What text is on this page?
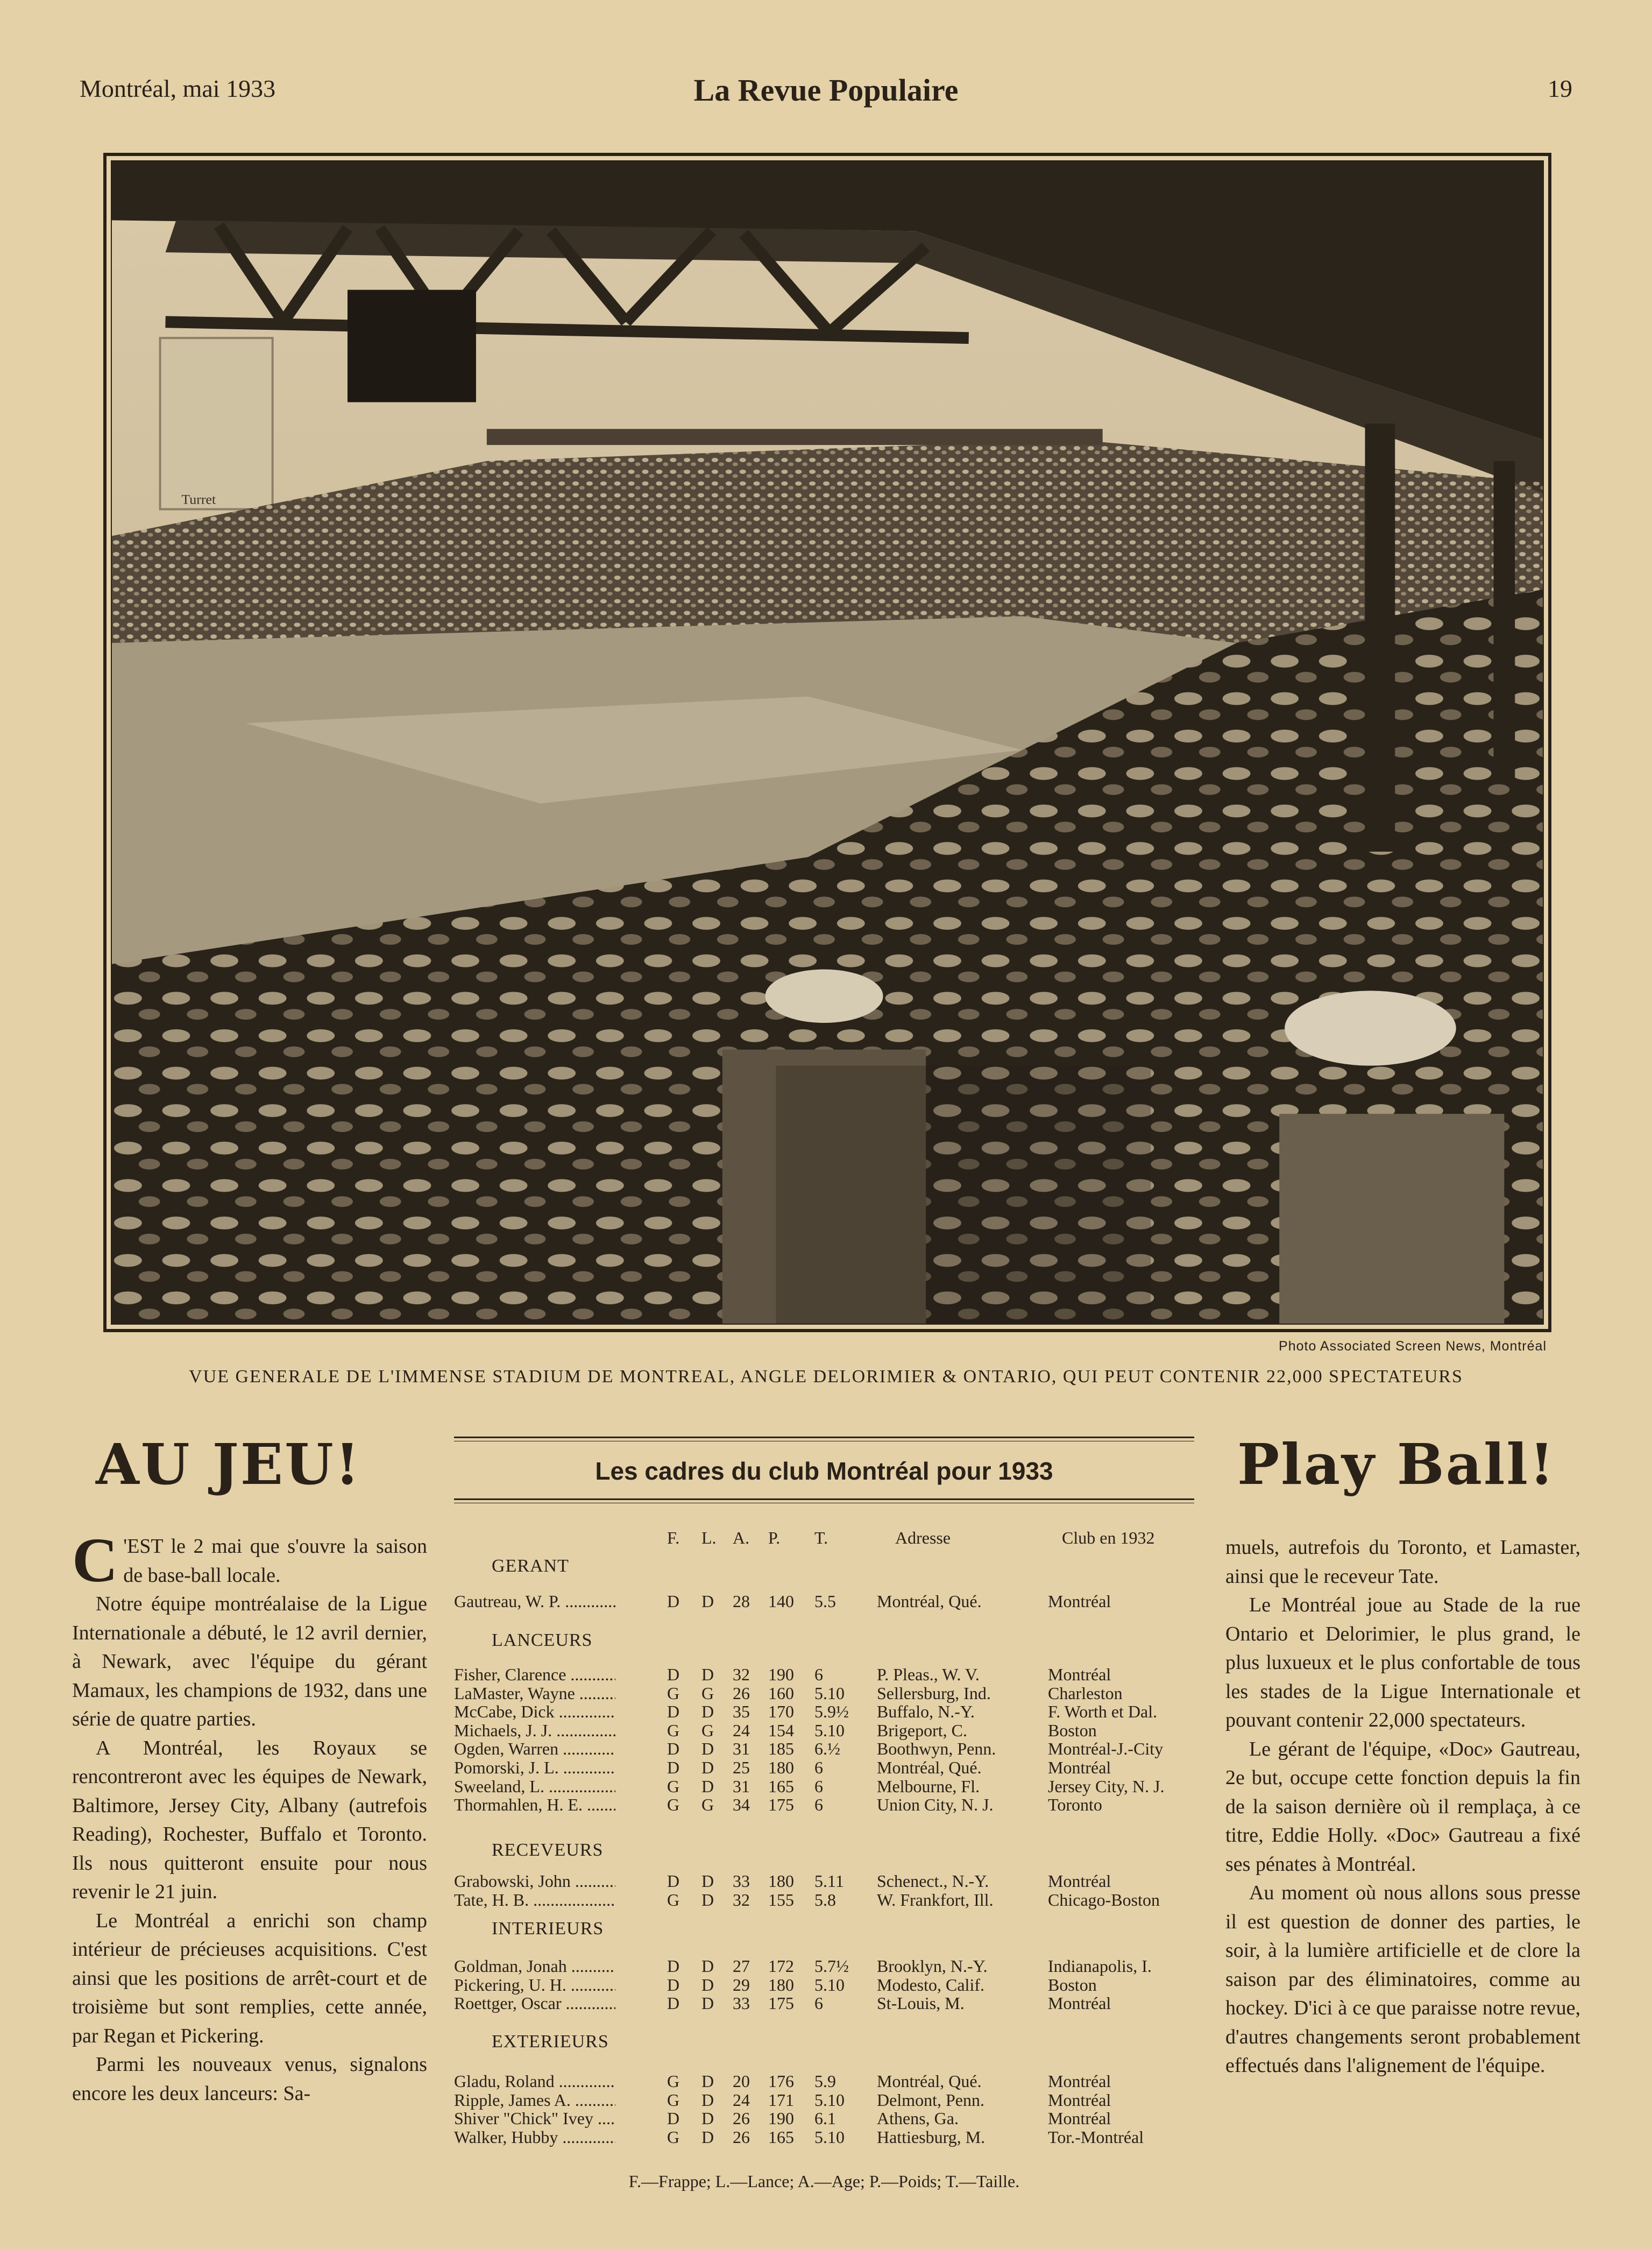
Montréal, mai 1933	La Revue Populaire	19
Turret
Photo Associated Screen News, Montréal
VUE GENERALE DE L'IMMENSE STADIUM DE MONTREAL, ANGLE DELORIMIER & ONTARIO, QUI PEUT CONTENIR 22,000 SPECTATEURS
AU JEU!	Play Ball!

C 'EST le 2 mai que s'ouvre la saison de base-ball locale.

Notre équipe montréalaise de la Ligue Internationale a débuté, le 12 avril dernier, à Newark, avec l'équipe du gérant Mamaux, les champions de 1932, dans une série de quatre parties.

A Montréal, les Royaux se rencontreront avec les équipes de Newark, Baltimore, Jersey City, Albany (autrefois Reading), Rochester, Buffalo et Toronto. Ils nous quitteront ensuite pour nous revenir le 21 juin.

Le Montréal a enrichi son champ intérieur de précieuses acquisitions. C'est ainsi que les positions de arrêt-court et de troisième but sont remplies, cette année, par Regan et Pickering.

Parmi les nouveaux venus, signalons encore les deux lanceurs: Sa-

muels, autrefois du Toronto, et Lamaster, ainsi que le receveur Tate.

Le Montréal joue au Stade de la rue Ontario et Delorimier, le plus grand, le plus luxueux et le plus confortable de tous les stades de la Ligue Internationale et pouvant contenir 22,000 spectateurs.

Le gérant de l'équipe, «Doc» Gautreau, 2e but, occupe cette fonction depuis la fin de la saison dernière où il remplaça, à ce titre, Eddie Holly. «Doc» Gautreau a fixé ses pénates à Montréal.

Au moment où nous allons sous presse il est question de donner des parties, le soir, à la lumière artificielle et de clore la saison par des éliminatoires, comme au hockey. D'ici à ce que paraisse notre revue, d'autres changements seront probablement effectués dans l'alignement de l'équipe.

Les cadres du club Montréal pour 1933
F. L. A. P. T.	Adresse	Club en 1932
GERANT
Gautreau, W. P. .....	D D 28 140 5.5 Montréal, Qué.	Montréal
LANCEURS
Fisher, Clarence .....	D D 32 190 6	P. Pleas., W. V.	Montréal
LaMaster, Wayne .....	G G 26 160 5.10 Sellersburg, Ind.	Charleston
McCabe, Dick .....	D D 35 170 5.9½ Buffalo, N.-Y.	F. Worth et Dal.
Michaels, J. J. .....	G G 24 154 5.10 Brigeport, C.	Boston
Ogden, Warren .....	D D 31 185 6.½ Boothwyn, Penn.	Montréal-J.-City
Pomorski, J. L. .....	D D 25 180 6	Montréal, Qué.	Montréal
Sweeland, L. .....	G D 31 165 6	Melbourne, Fl.	Jersey City, N. J.
Thormahlen, H. E. .....	G G 34 175 6	Union City, N. J.	Toronto
RECEVEURS
Grabowski, John .....	D D 33 180 5.11 Schenect., N.-Y.	Montréal
Tate, H. B. .....	G D 32 155 5.8 W. Frankfort, Ill.	Chicago-Boston
INTERIEURS
Goldman, Jonah .....	D D 27 172 5.7½ Brooklyn, N.-Y.	Indianapolis, I.
Pickering, U. H. .....	D D 29 180 5.10 Modesto, Calif.	Boston
Roettger, Oscar .....	D D 33 175 6	St-Louis, M.	Montréal
EXTERIEURS
Gladu, Roland .....	G D 20 176 5.9 Montréal, Qué.	Montréal
Ripple, James A. .....	G D 24 171 5.10 Delmont, Penn.	Montréal
Shiver "Chick" Ivey .....	D D 26 190 6.1 Athens, Ga.	Montréal
Walker, Hubby .....	G D 26 165 5.10 Hattiesburg, M.	Tor.-Montréal
F.—Frappe; L.—Lance; A.—Age; P.—Poids; T.—Taille.
